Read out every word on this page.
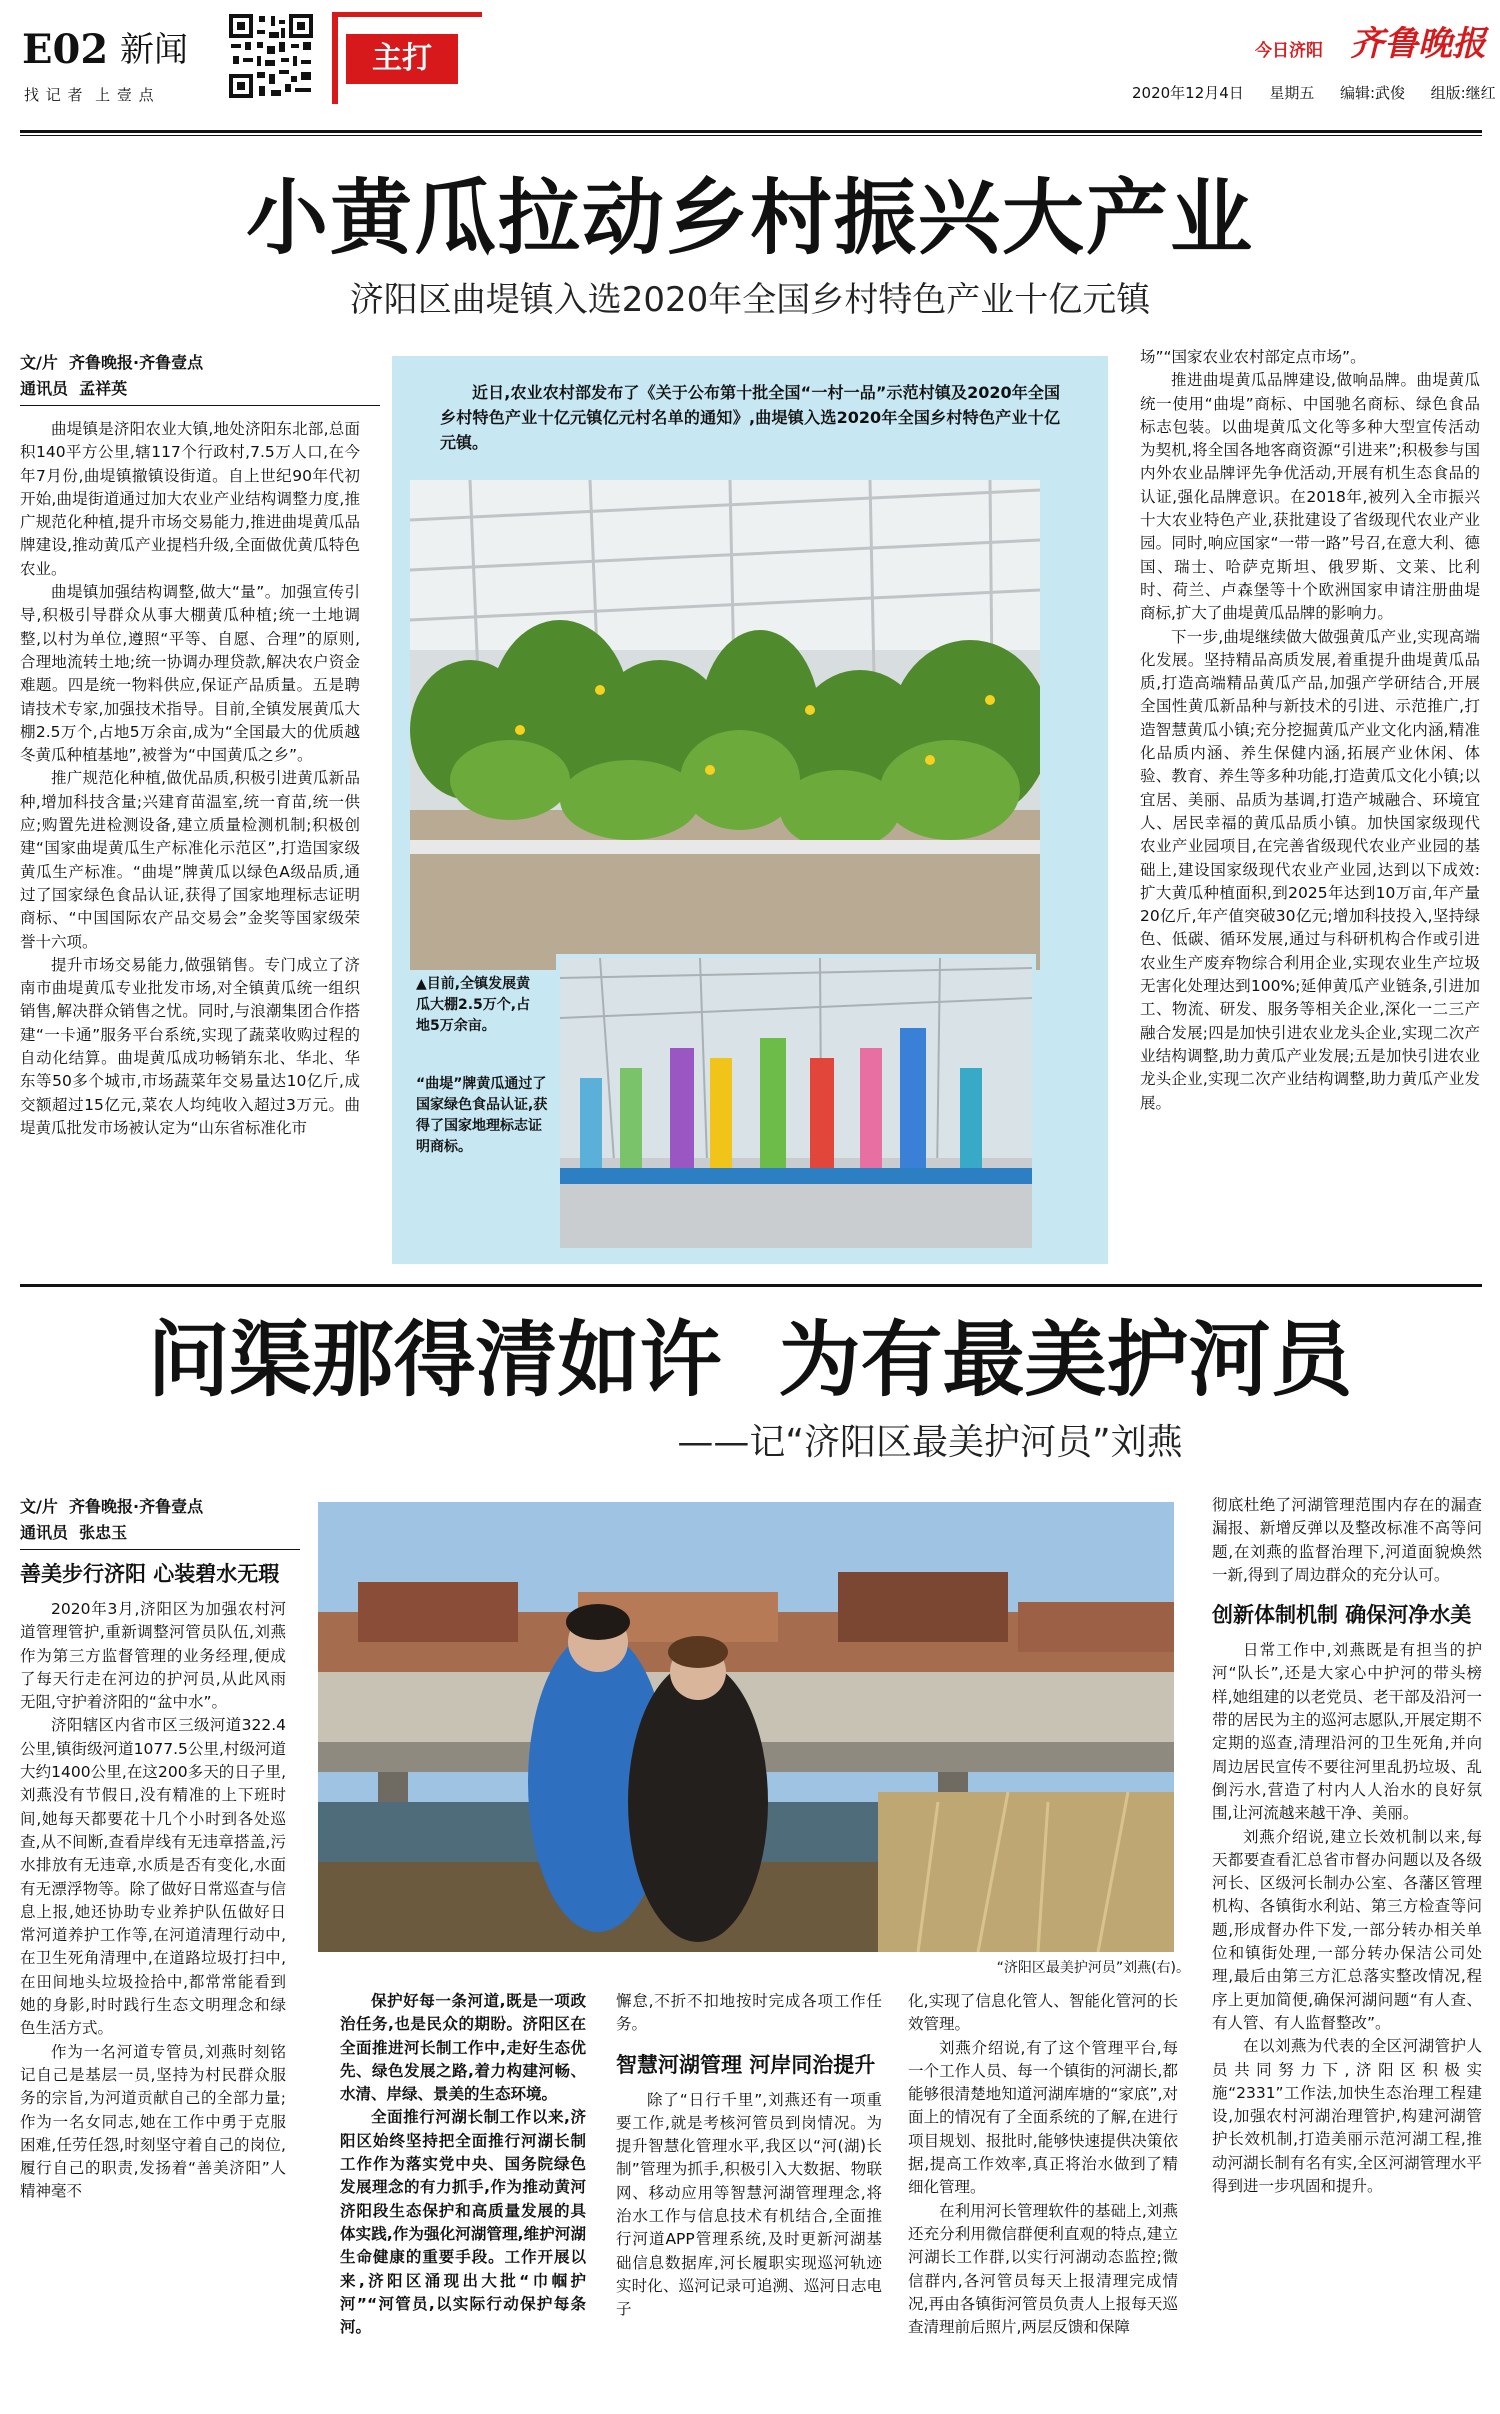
E02 新闻
找 记 者  上 壹 点
主打	今日济阳 齐鲁晚报
2020年12月4日 星期五 编辑:武俊 组版:继红
小黄瓜拉动乡村振兴大产业
济阳区曲堤镇入选2020年全国乡村特色产业十亿元镇
文/片  齐鲁晚报·齐鲁壹点
通讯员  孟祥英

曲堤镇是济阳农业大镇,地处济阳东北部,总面积140平方公里,辖117个行政村,7.5万人口,在今年7月份,曲堤镇撤镇设街道。自上世纪90年代初开始,曲堤街道通过加大农业产业结构调整力度,推广规范化种植,提升市场交易能力,推进曲堤黄瓜品牌建设,推动黄瓜产业提档升级,全面做优黄瓜特色农业。

曲堤镇加强结构调整,做大“量”。加强宣传引导,积极引导群众从事大棚黄瓜种植;统一土地调整,以村为单位,遵照“平等、自愿、合理”的原则,合理地流转土地;统一协调办理贷款,解决农户资金难题。四是统一物料供应,保证产品质量。五是聘请技术专家,加强技术指导。目前,全镇发展黄瓜大棚2.5万个,占地5万余亩,成为“全国最大的优质越冬黄瓜种植基地”,被誉为“中国黄瓜之乡”。

推广规范化种植,做优品质,积极引进黄瓜新品种,增加科技含量;兴建育苗温室,统一育苗,统一供应;购置先进检测设备,建立质量检测机制;积极创建“国家曲堤黄瓜生产标准化示范区”,打造国家级黄瓜生产标准。“曲堤”牌黄瓜以绿色A级品质,通过了国家绿色食品认证,获得了国家地理标志证明商标、“中国国际农产品交易会”金奖等国家级荣誉十六项。

提升市场交易能力,做强销售。专门成立了济南市曲堤黄瓜专业批发市场,对全镇黄瓜统一组织销售,解决群众销售之忧。同时,与浪潮集团合作搭建“一卡通”服务平台系统,实现了蔬菜收购过程的自动化结算。曲堤黄瓜成功畅销东北、华北、华东等50多个城市,市场蔬菜年交易量达10亿斤,成交额超过15亿元,菜农人均纯收入超过3万元。曲堤黄瓜批发市场被认定为“山东省标准化市

近日,农业农村部发布了《关于公布第十批全国“一村一品”示范村镇及2020年全国乡村特色产业十亿元镇亿元村名单的通知》,曲堤镇入选2020年全国乡村特色产业十亿元镇。
▲目前,全镇发展黄瓜大棚2.5万个,占地5万余亩。
“曲堤”牌黄瓜通过了国家绿色食品认证,获得了国家地理标志证明商标。

场”“国家农业农村部定点市场”。

推进曲堤黄瓜品牌建设,做响品牌。曲堤黄瓜统一使用“曲堤”商标、中国驰名商标、绿色食品标志包装。以曲堤黄瓜文化等多种大型宣传活动为契机,将全国各地客商资源“引进来”;积极参与国内外农业品牌评先争优活动,开展有机生态食品的认证,强化品牌意识。在2018年,被列入全市振兴十大农业特色产业,获批建设了省级现代农业产业园。同时,响应国家“一带一路”号召,在意大利、德国、瑞士、哈萨克斯坦、俄罗斯、文莱、比利时、荷兰、卢森堡等十个欧洲国家申请注册曲堤商标,扩大了曲堤黄瓜品牌的影响力。

下一步,曲堤继续做大做强黄瓜产业,实现高端化发展。坚持精品高质发展,着重提升曲堤黄瓜品质,打造高端精品黄瓜产品,加强产学研结合,开展全国性黄瓜新品种与新技术的引进、示范推广,打造智慧黄瓜小镇;充分挖掘黄瓜产业文化内涵,精准化品质内涵、养生保健内涵,拓展产业休闲、体验、教育、养生等多种功能,打造黄瓜文化小镇;以宜居、美丽、品质为基调,打造产城融合、环境宜人、居民幸福的黄瓜品质小镇。加快国家级现代农业产业园项目,在完善省级现代农业产业园的基础上,建设国家级现代农业产业园,达到以下成效:扩大黄瓜种植面积,到2025年达到10万亩,年产量20亿斤,年产值突破30亿元;增加科技投入,坚持绿色、低碳、循环发展,通过与科研机构合作或引进农业生产废弃物综合利用企业,实现农业生产垃圾无害化处理达到100%;延伸黄瓜产业链条,引进加工、物流、研发、服务等相关企业,深化一二三产融合发展;四是加快引进农业龙头企业,实现二次产业结构调整,助力黄瓜产业发展;五是加快引进农业龙头企业,实现二次产业结构调整,助力黄瓜产业发展。

问渠那得清如许  为有最美护河员
——记“济阳区最美护河员”刘燕
文/片  齐鲁晚报·齐鲁壹点
通讯员  张忠玉
善美步行济阳 心装碧水无瑕

2020年3月,济阳区为加强农村河道管理管护,重新调整河管员队伍,刘燕作为第三方监督管理的业务经理,便成了每天行走在河边的护河员,从此风雨无阻,守护着济阳的“盆中水”。

济阳辖区内省市区三级河道322.4公里,镇街级河道1077.5公里,村级河道大约1400公里,在这200多天的日子里,刘燕没有节假日,没有精准的上下班时间,她每天都要花十几个小时到各处巡查,从不间断,查看岸线有无违章搭盖,污水排放有无违章,水质是否有变化,水面有无漂浮物等。除了做好日常巡查与信息上报,她还协助专业养护队伍做好日常河道养护工作等,在河道清理行动中,在卫生死角清理中,在道路垃圾打扫中,在田间地头垃圾捡拾中,都常常能看到她的身影,时时践行生态文明理念和绿色生活方式。

作为一名河道专管员,刘燕时刻铭记自己是基层一员,坚持为村民群众服务的宗旨,为河道贡献自己的全部力量;作为一名女同志,她在工作中勇于克服困难,任劳任怨,时刻坚守着自己的岗位,履行自己的职责,发扬着“善美济阳”人精神毫不

“济阳区最美护河员”刘燕(右)。

保护好每一条河道,既是一项政治任务,也是民众的期盼。济阳区在全面推进河长制工作中,走好生态优先、绿色发展之路,着力构建河畅、水清、岸绿、景美的生态环境。

全面推行河湖长制工作以来,济阳区始终坚持把全面推行河湖长制工作作为落实党中央、国务院绿色发展理念的有力抓手,作为推动黄河济阳段生态保护和高质量发展的具体实践,作为强化河湖管理,维护河湖生命健康的重要手段。工作开展以来,济阳区涌现出大批“巾帼护河”“河管员,以实际行动保护每条河。

懈怠,不折不扣地按时完成各项工作任务。

智慧河湖管理 河岸同治提升

除了“日行千里”,刘燕还有一项重要工作,就是考核河管员到岗情况。为提升智慧化管理水平,我区以“河(湖)长制”管理为抓手,积极引入大数据、物联网、移动应用等智慧河湖管理理念,将治水工作与信息技术有机结合,全面推行河道APP管理系统,及时更新河湖基础信息数据库,河长履职实现巡河轨迹实时化、巡河记录可追溯、巡河日志电子

化,实现了信息化管人、智能化管河的长效管理。

刘燕介绍说,有了这个管理平台,每一个工作人员、每一个镇街的河湖长,都能够很清楚地知道河湖库塘的“家底”,对面上的情况有了全面系统的了解,在进行项目规划、报批时,能够快速提供决策依据,提高工作效率,真正将治水做到了精细化管理。

在利用河长管理软件的基础上,刘燕还充分利用微信群便利直观的特点,建立河湖长工作群,以实行河湖动态监控;微信群内,各河管员每天上报清理完成情况,再由各镇街河管员负责人上报每天巡查清理前后照片,两层反馈和保障

彻底杜绝了河湖管理范围内存在的漏查漏报、新增反弹以及整改标准不高等问题,在刘燕的监督治理下,河道面貌焕然一新,得到了周边群众的充分认可。

创新体制机制 确保河净水美

日常工作中,刘燕既是有担当的护河“队长”,还是大家心中护河的带头榜样,她组建的以老党员、老干部及沿河一带的居民为主的巡河志愿队,开展定期不定期的巡查,清理沿河的卫生死角,并向周边居民宣传不要往河里乱扔垃圾、乱倒污水,营造了村内人人治水的良好氛围,让河流越来越干净、美丽。

刘燕介绍说,建立长效机制以来,每天都要查看汇总省市督办问题以及各级河长、区级河长制办公室、各藩区管理机构、各镇街水利站、第三方检查等问题,形成督办件下发,一部分转办相关单位和镇街处理,一部分转办保洁公司处理,最后由第三方汇总落实整改情况,程序上更加简便,确保河湖问题“有人查、有人管、有人监督整改”。

在以刘燕为代表的全区河湖管护人员共同努力下,济阳区积极实施“2331”工作法,加快生态治理工程建设,加强农村河湖治理管护,构建河湖管护长效机制,打造美丽示范河湖工程,推动河湖长制有名有实,全区河湖管理水平得到进一步巩固和提升。
